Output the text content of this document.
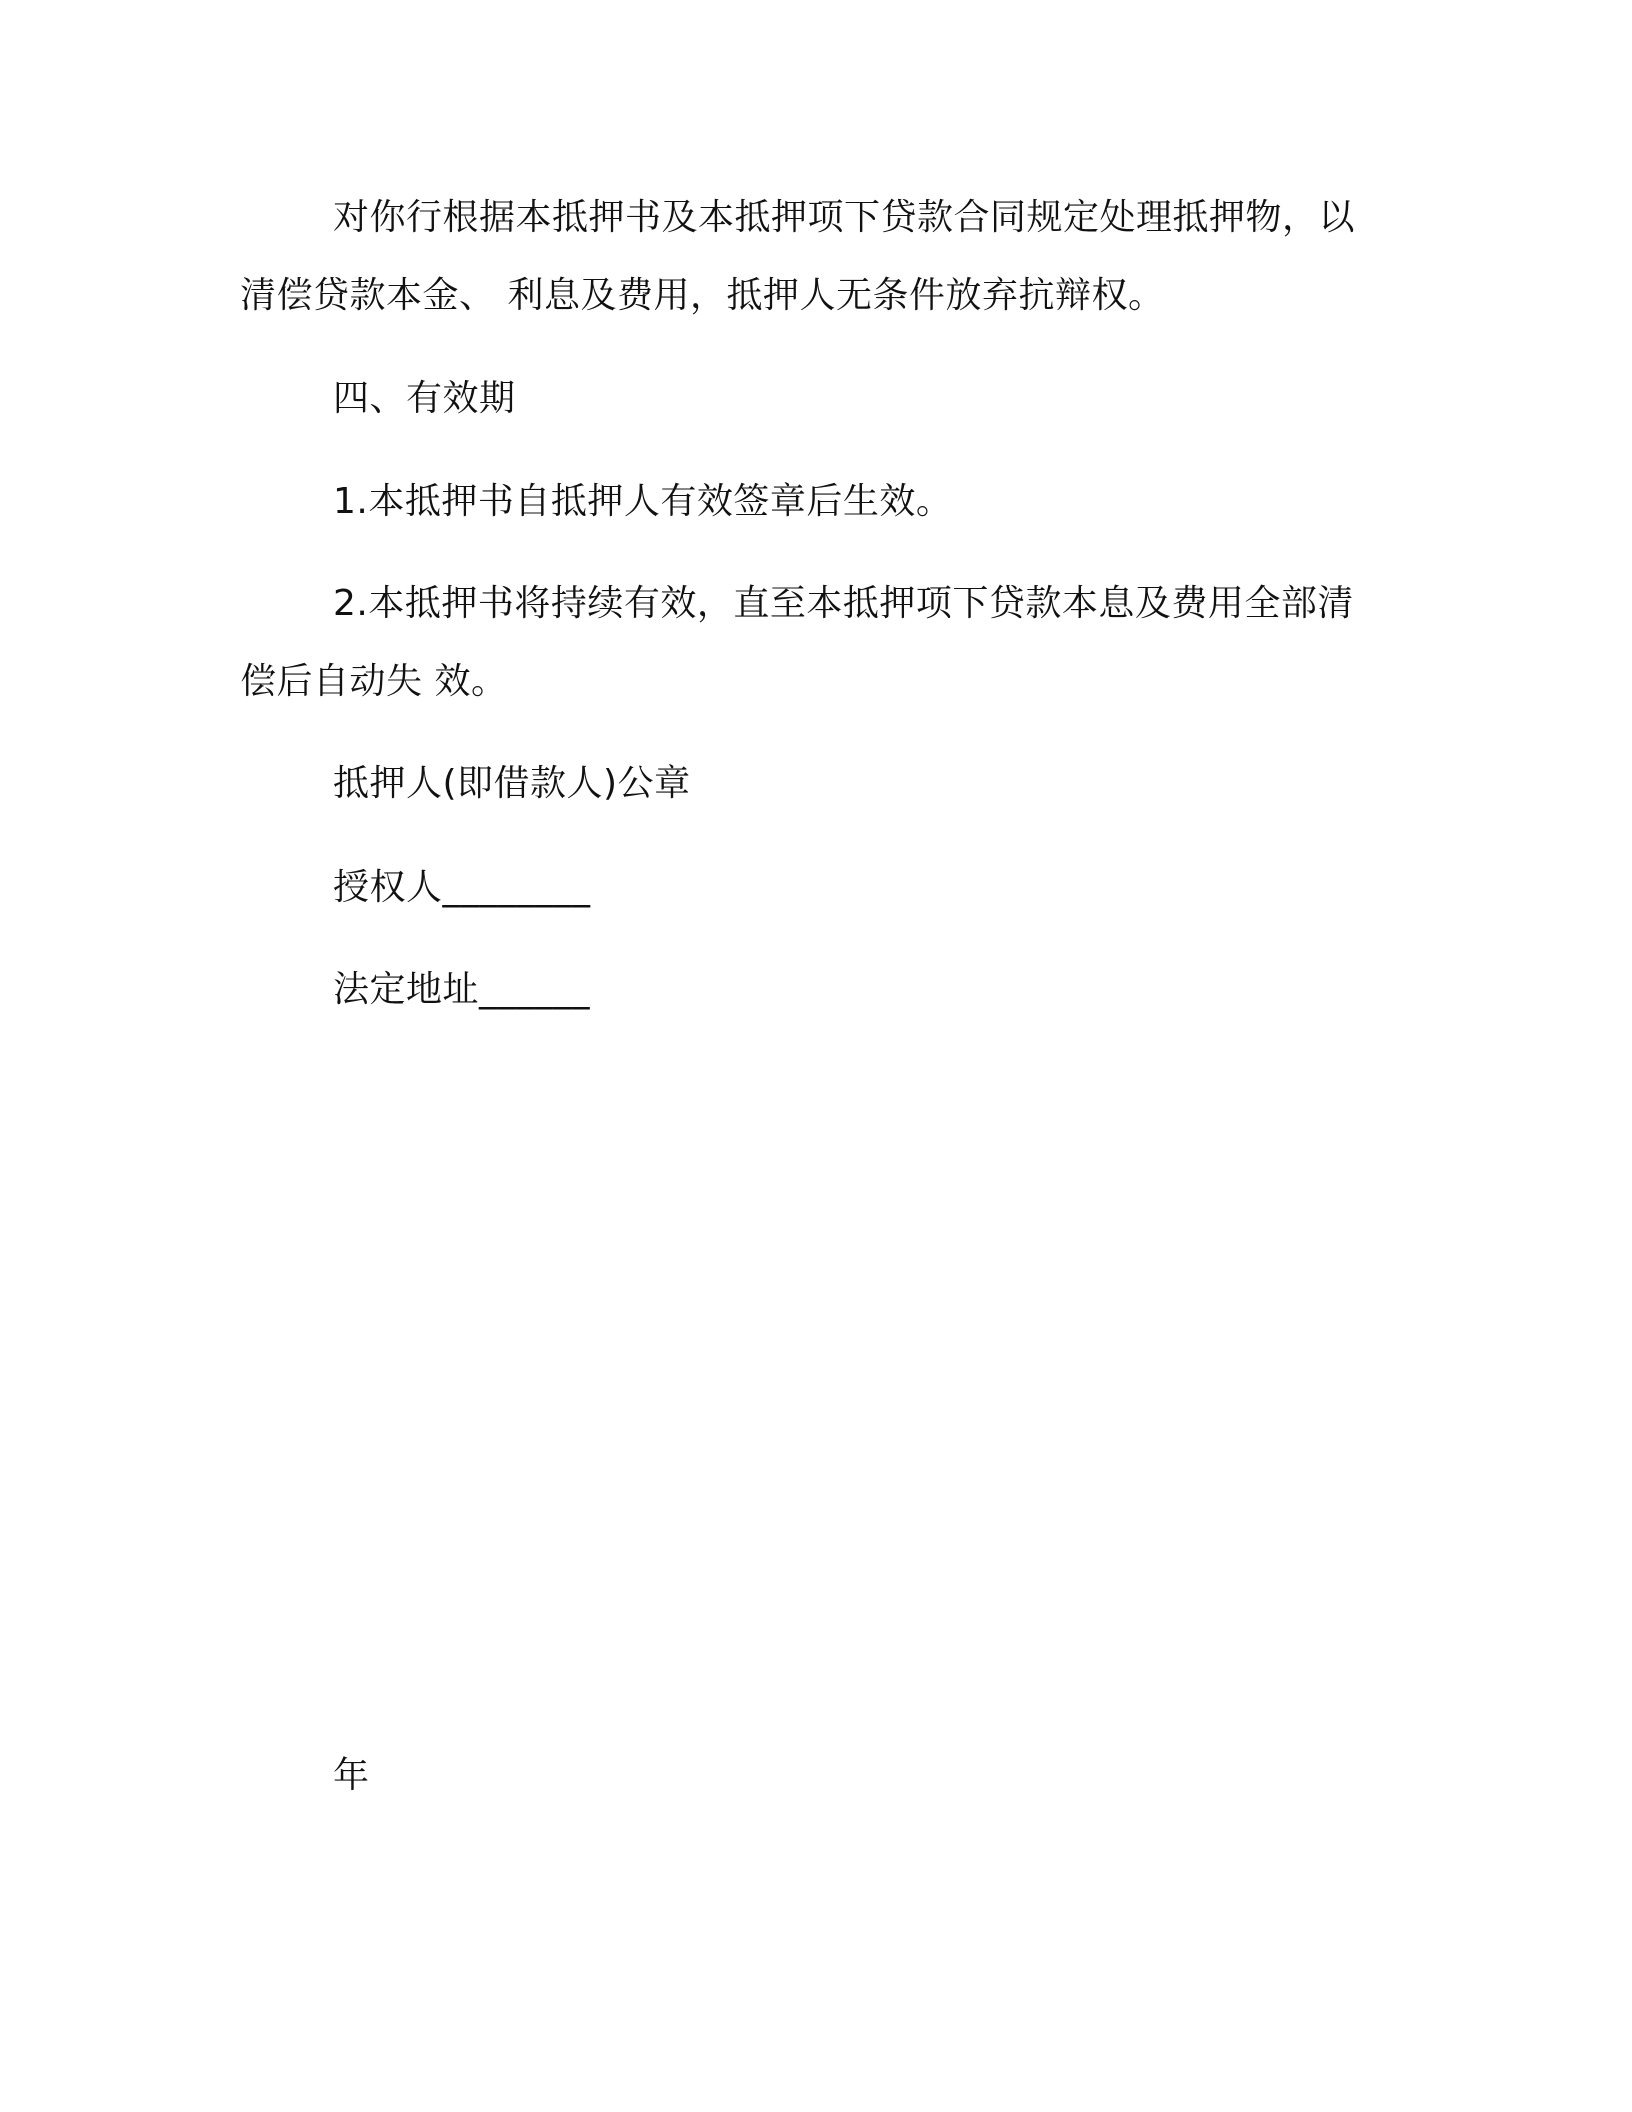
对你行根据本抵押书及本抵押项下贷款合同规定处理抵押物，以
清偿贷款本金、 利息及费用，抵押人无条件放弃抗辩权。
四、有效期
1.本抵押书自抵押人有效签章后生效。
2.本抵押书将持续有效，直至本抵押项下贷款本息及费用全部清
偿后自动失 效。
抵押人(即借款人)公章
授权人________
法定地址______
年
